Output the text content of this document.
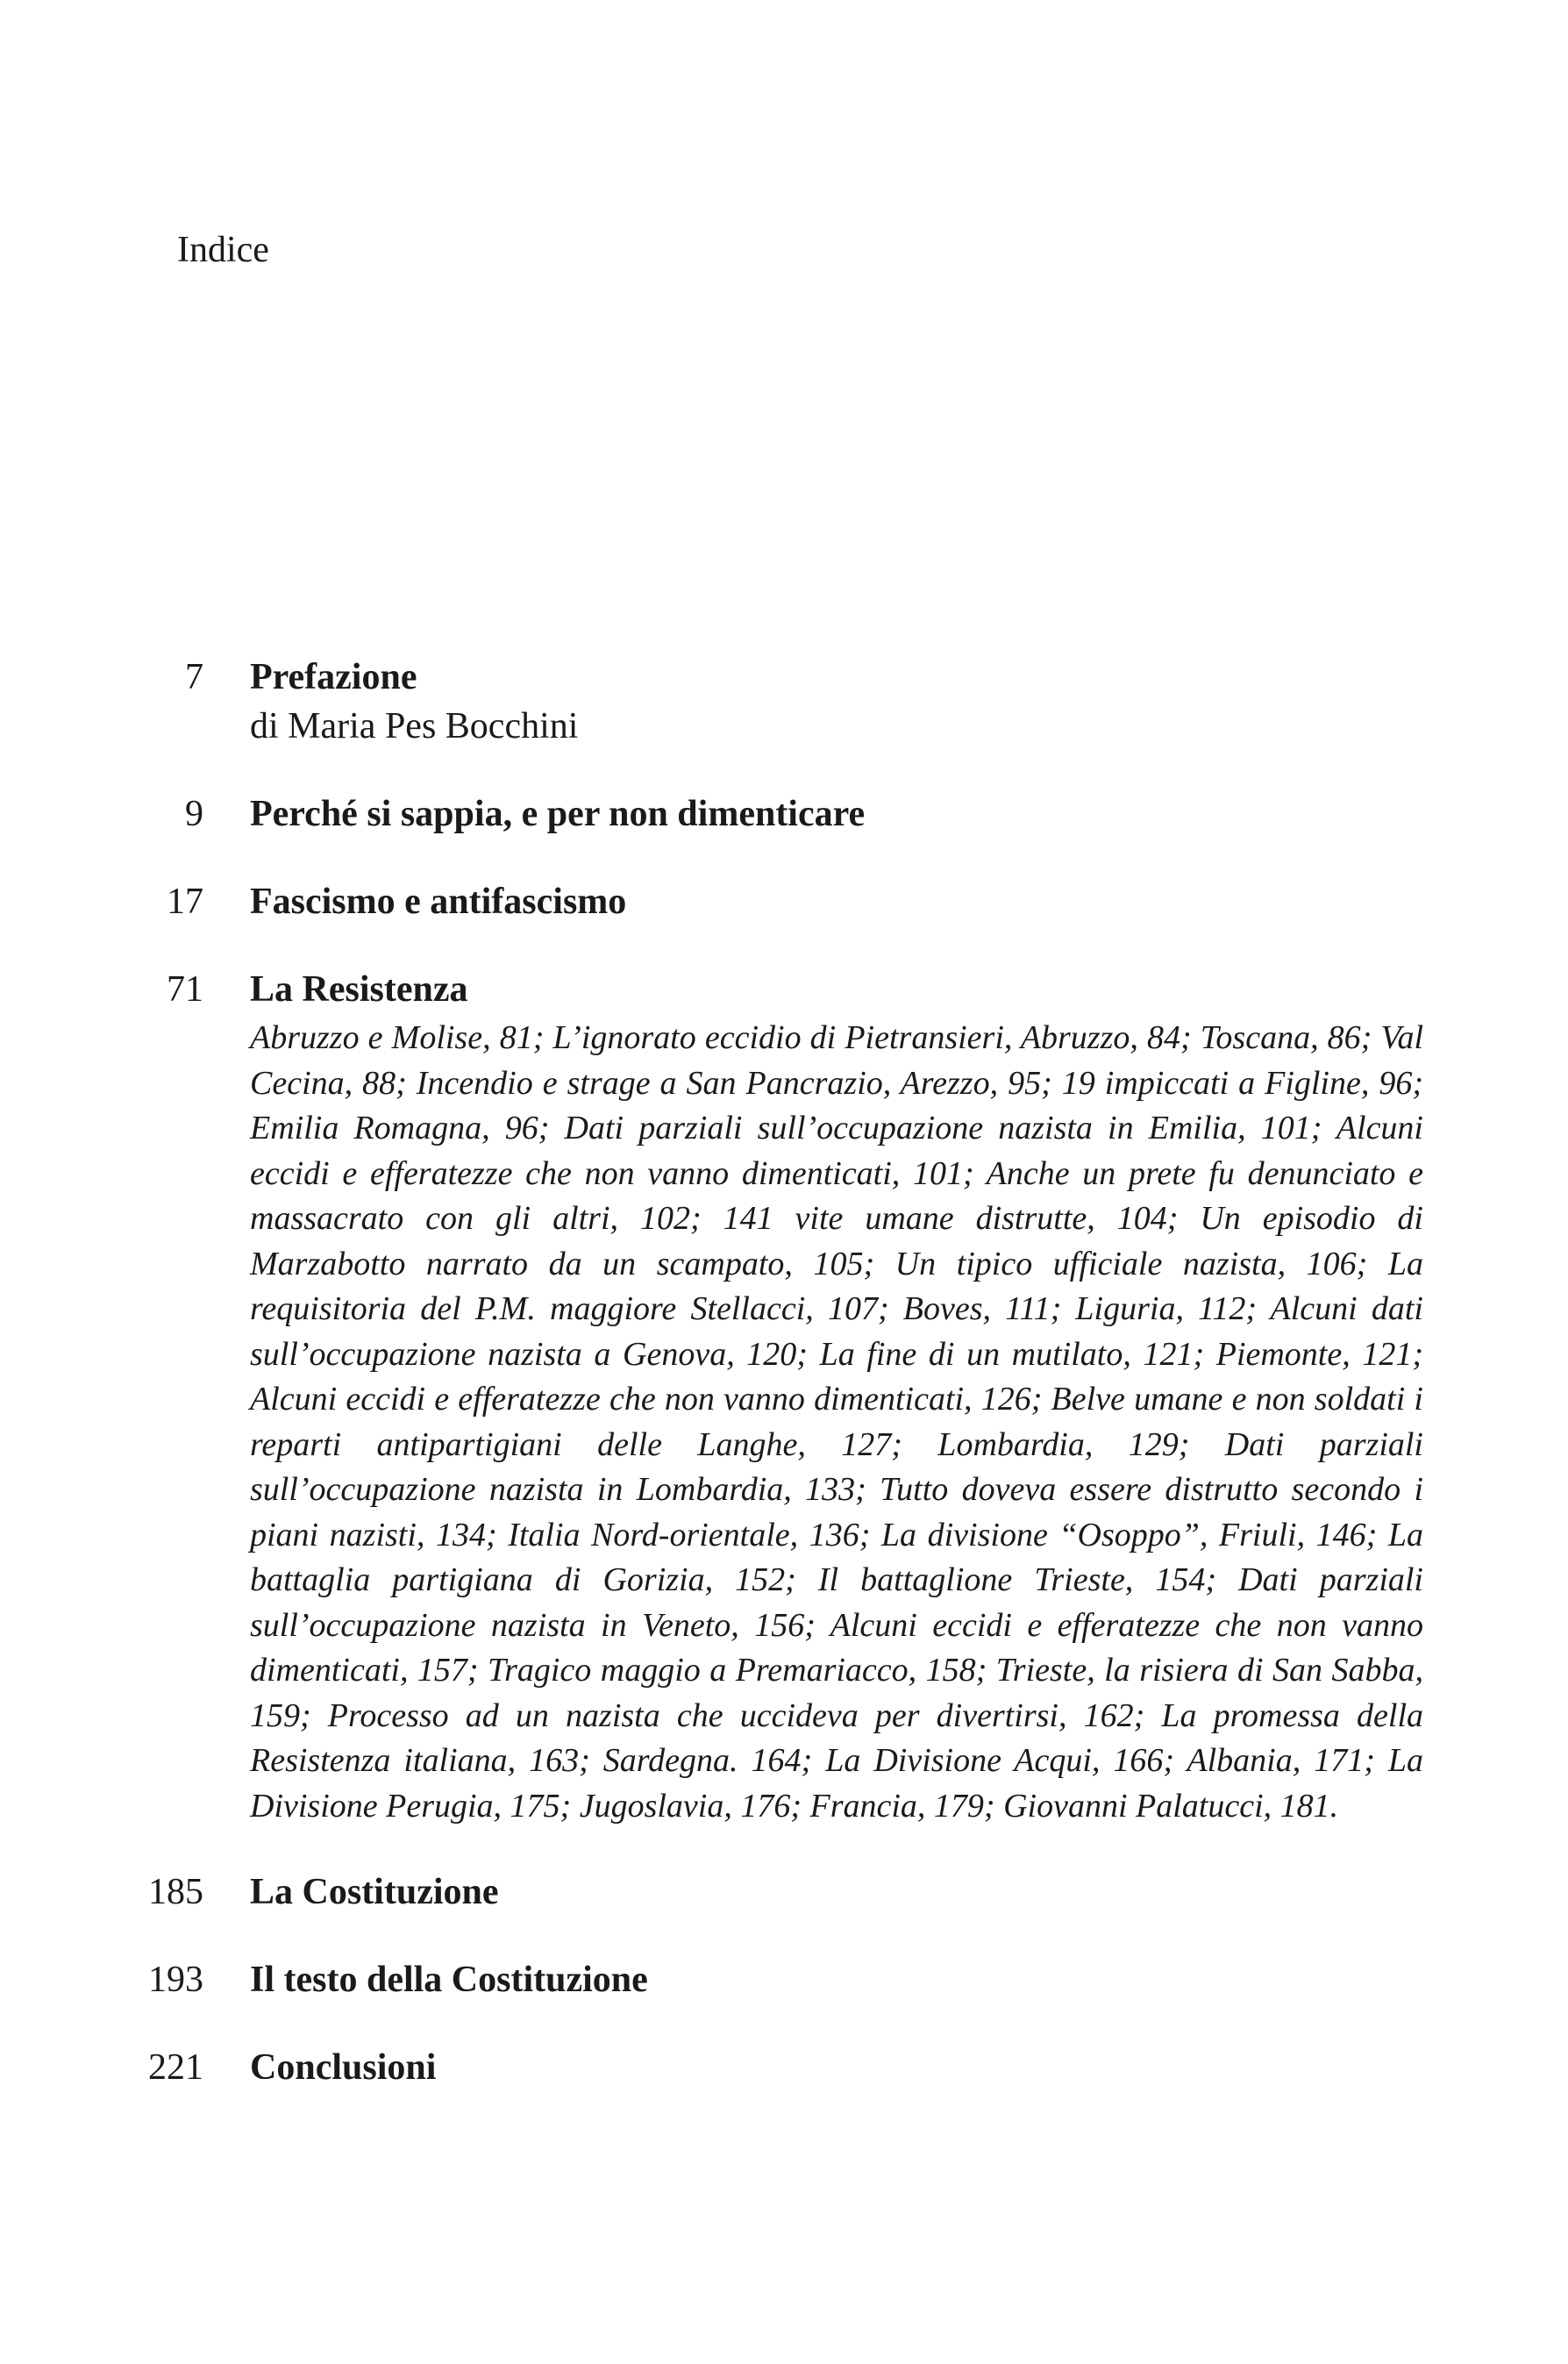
Indice
7 Prefazione
di Maria Pes Bocchini
9 Perché si sappia, e per non dimenticare
17 Fascismo e antifascismo
71 La Resistenza
Abruzzo e Molise, 81; L’ignorato eccidio di Pietransieri, Abruzzo, 84; Toscana, 86; Val Cecina, 88; Incendio e strage a San Pancrazio, Arezzo, 95; 19 impiccati a Figline, 96; Emilia Romagna, 96; Dati parziali sull’occupazione nazista in Emilia, 101; Alcuni eccidi e efferatezze che non vanno dimenticati, 101; Anche un prete fu denunciato e massacrato con gli altri, 102; 141 vite umane distrutte, 104; Un episodio di Marzabotto narrato da un scampato, 105; Un tipico ufficiale nazista, 106; La requisitoria del P.M. maggiore Stellacci, 107; Boves, 111; Liguria, 112; Alcuni dati sull’occupazione nazista a Genova, 120; La fine di un mutilato, 121; Piemonte, 121; Alcuni eccidi e efferatezze che non vanno dimenticati, 126; Belve umane e non soldati i reparti antipartigiani delle Langhe, 127; Lombardia, 129; Dati parziali sull’occupazione nazista in Lombardia, 133; Tutto doveva essere distrutto secondo i piani nazisti, 134; Italia Nord-orientale, 136; La divisione “Osoppo”, Friuli, 146; La battaglia partigiana di Gorizia, 152; Il battaglione Trieste, 154; Dati parziali sull’occupazione nazista in Veneto, 156; Alcuni eccidi e efferatezze che non vanno dimenticati, 157; Tragico maggio a Premariacco, 158; Trieste, la risiera di San Sabba, 159; Processo ad un nazista che uccideva per divertirsi, 162; La promessa della Resistenza italiana, 163; Sardegna. 164; La Divisione Acqui, 166; Albania, 171; La Divisione Perugia, 175; Jugoslavia, 176; Francia, 179; Giovanni Palatucci, 181.
185 La Costituzione
193 Il testo della Costituzione
221 Conclusioni
